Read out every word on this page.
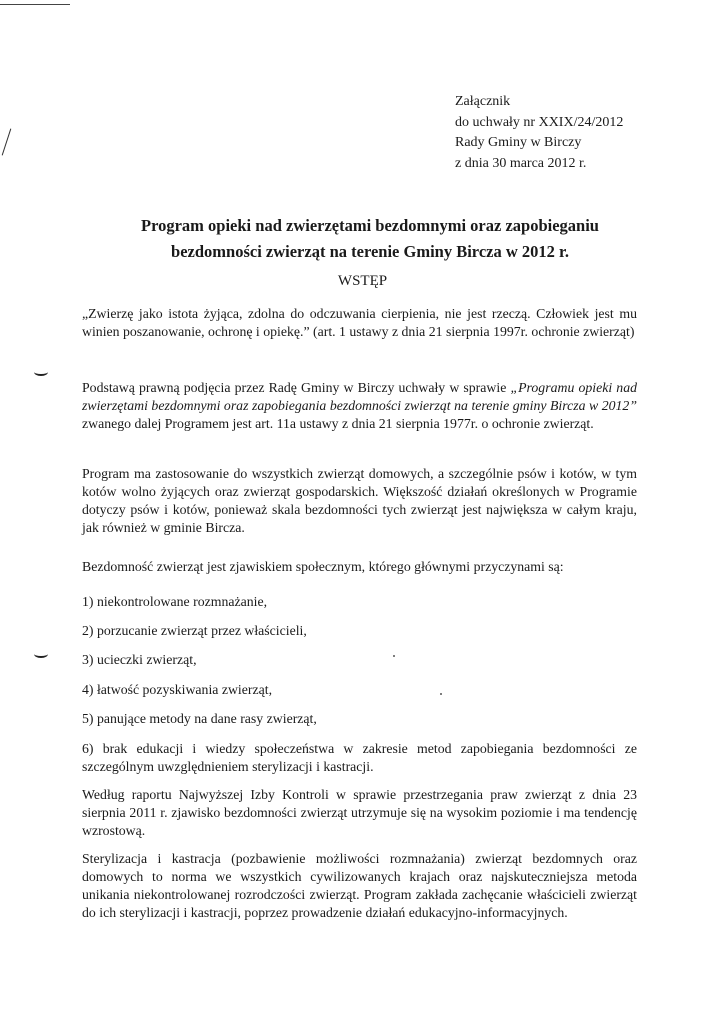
Załącznik
do uchwały nr XXIX/24/2012
Rady Gminy w Birczy
z dnia 30 marca 2012 r.
Program opieki nad zwierzętami bezdomnymi oraz zapobieganiu
bezdomności zwierząt na terenie Gminy Bircza w 2012 r.
WSTĘP

„Zwierzę jako istota żyjąca, zdolna do odczuwania cierpienia, nie jest rzeczą. Człowiek jest mu winien poszanowanie, ochronę i opiekę.” (art. 1 ustawy z dnia 21 sierpnia 1997r. ochronie zwierząt)

Podstawą prawną podjęcia przez Radę Gminy w Birczy uchwały w sprawie „Programu opieki nad zwierzętami bezdomnymi oraz zapobiegania bezdomności zwierząt na terenie gminy Bircza w 2012” zwanego dalej Programem jest art. 11a ustawy z dnia 21 sierpnia 1977r. o ochronie zwierząt.

Program ma zastosowanie do wszystkich zwierząt domowych, a szczególnie psów i kotów, w tym kotów wolno żyjących oraz zwierząt gospodarskich. Większość działań określonych w Programie dotyczy psów i kotów, ponieważ skala bezdomności tych zwierząt jest największa w całym kraju, jak również w gminie Bircza.

Bezdomność zwierząt jest zjawiskiem społecznym, którego głównymi przyczynami są:

1) niekontrolowane rozmnażanie,
2) porzucanie zwierząt przez właścicieli,
3) ucieczki zwierząt,
4) łatwość pozyskiwania zwierząt,
5) panujące metody na dane rasy zwierząt,

6) brak edukacji i wiedzy społeczeństwa w zakresie metod zapobiegania bezdomności ze szczególnym uwzględnieniem sterylizacji i kastracji.

Według raportu Najwyższej Izby Kontroli w sprawie przestrzegania praw zwierząt z dnia 23 sierpnia 2011 r. zjawisko bezdomności zwierząt utrzymuje się na wysokim poziomie i ma tendencję wzrostową.

Sterylizacja i kastracja (pozbawienie możliwości rozmnażania) zwierząt bezdomnych oraz domowych to norma we wszystkich cywilizowanych krajach oraz najskuteczniejsza metoda unikania niekontrolowanej rozrodczości zwierząt. Program zakłada zachęcanie właścicieli zwierząt do ich sterylizacji i kastracji, poprzez prowadzenie działań edukacyjno-informacyjnych.
